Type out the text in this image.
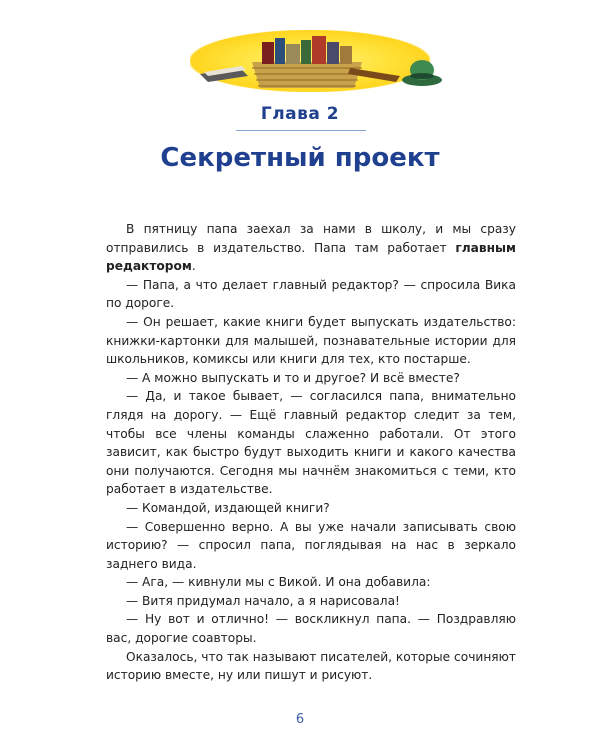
Глава 2
Секретный проект

В пятницу папа заехал за нами в школу, и мы сразу отправились в издательство. Папа там работает главным редактором.

— Папа, а что делает главный редактор? — спросила Вика по дороге.

— Он решает, какие книги будет выпускать издательство: книжки-картонки для малышей, познавательные истории для школьников, комиксы или книги для тех, кто постарше.

— А можно выпускать и то и другое? И всё вместе?

— Да, и такое бывает, — согласился папа, внимательно глядя на дорогу. — Ещё главный редактор следит за тем, чтобы все члены команды слаженно работали. От этого зависит, как быстро будут выходить книги и какого качества они получаются. Сегодня мы начнём знакомиться с теми, кто работает в издательстве.

— Командой, издающей книги?

— Совершенно верно. А вы уже начали записывать свою историю? — спросил папа, поглядывая на нас в зеркало заднего вида.

— Ага, — кивнули мы с Викой. И она добавила:

— Витя придумал начало, а я нарисовала!

— Ну вот и отлично! — воскликнул папа. — Поздравляю вас, дорогие соавторы.

Оказалось, что так называют писателей, которые сочиняют историю вместе, ну или пишут и рисуют.

6
